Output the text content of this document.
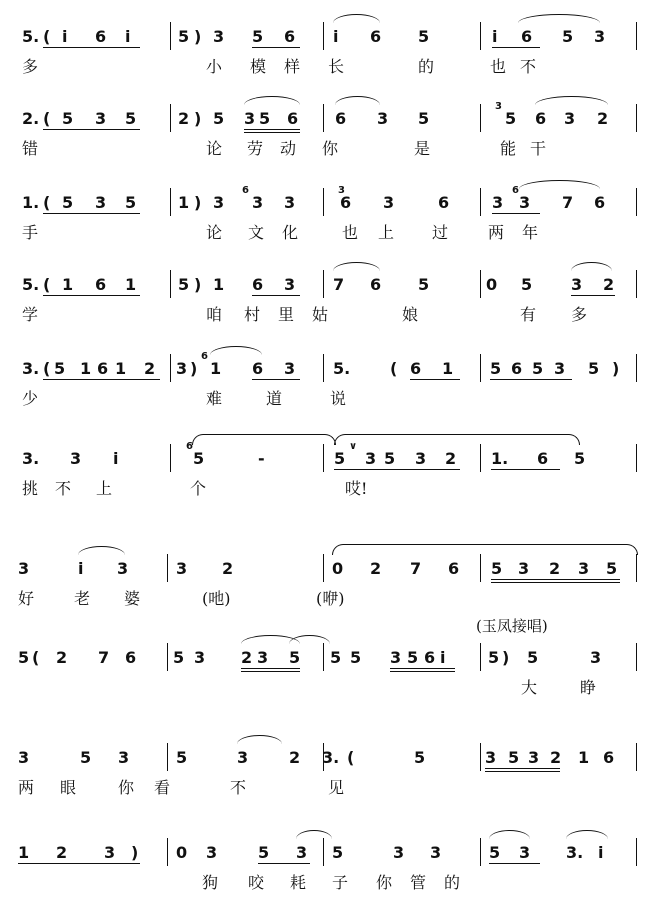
5. ( i 6 i	5 ) 3 5 6 i 6 5	i 6 5 3
多	小 模 样 长	的	也 不
2. ( 5 3 5	2 ) 5 3 5 6 6 3 5	5 6 3 2
3
错	论 劳 动 你	是	能 干
1. ( 5 3 5	1 ) 3 3 3	6 3	6	3 3 7 6
6	3	6
手	论 文 化	也 上 过 两 年
5. ( 1 6 1	5 ) 1 6 3 7 6 5	0 5 3 2
学	咱 村 里 姑	娘	有 多
3. ( 5 1 6 1 2 3 ) 1 6 3 5. ( 6 1 5 6 5 3 5 )
6
少	难	道	说
3. 3 i	5	-	5 3 5 3 2 1. 6 5
6	∨
挑 不 上	个	哎!
3	i 3	3 2	0 2 7 6 5 3 2 3 5
好 老 婆	(吔)	(咿)
5 ( 2 7 6 5 3 2 3 5 5 5 3 5 6 i	5 ) 5	3
(玉凤接唱)
大	睁
3	5 3	5	3	2 3. (	5	3 5 3 2 1 6
两 眼	你 看	不	见
1 2 3 ) 0 3	5 3 5	3 3	5 3 3. i
狗 咬 耗 子 你 管 的
